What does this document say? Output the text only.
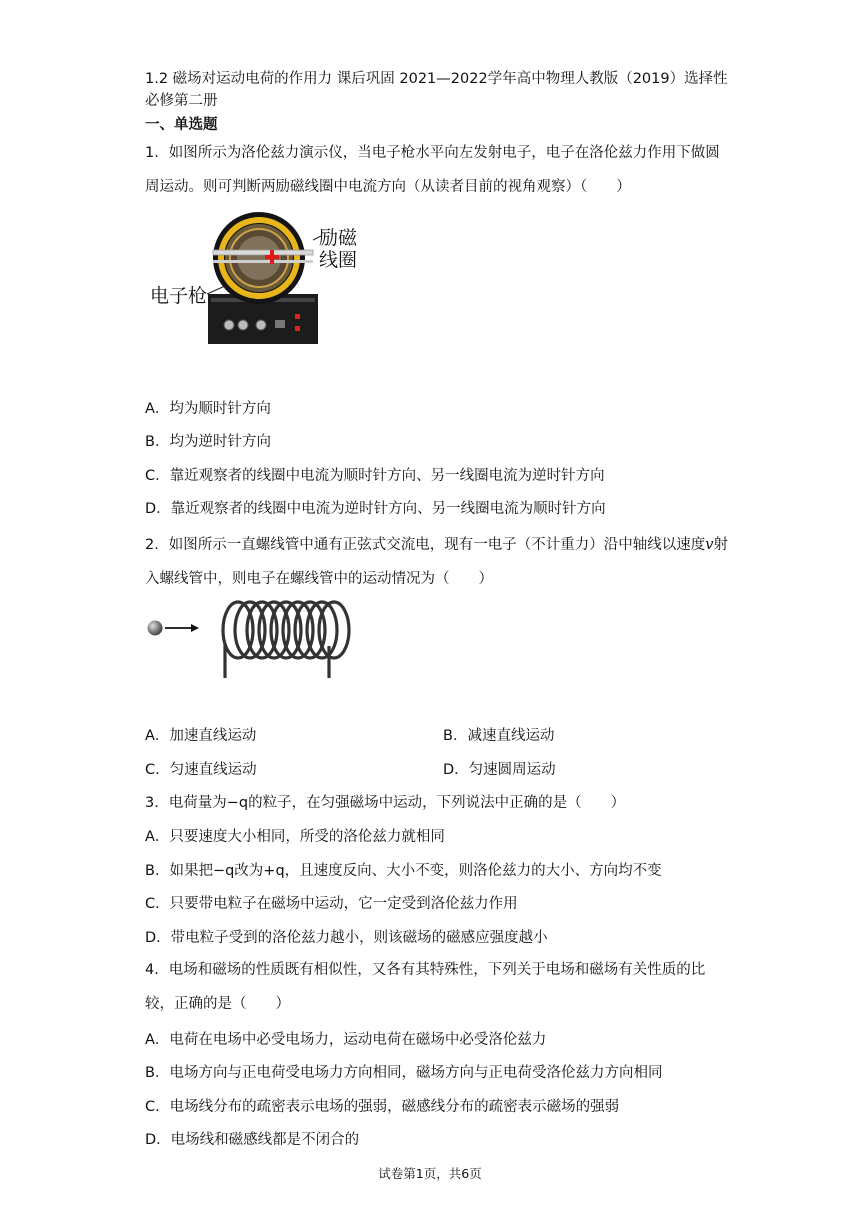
1.2 磁场对运动电荷的作用力 课后巩固 2021—2022学年高中物理人教版（2019）选择性必修第二册
一、单选题
1．如图所示为洛伦兹力演示仪，当电子枪水平向左发射电子，电子在洛伦兹力作用下做圆周运动。则可判断两励磁线圈中电流方向（从读者目前的视角观察）（　　）
励磁
线圈
电子枪
A．均为顺时针方向
B．均为逆时针方向
C．靠近观察者的线圈中电流为顺时针方向、另一线圈电流为逆时针方向
D．靠近观察者的线圈中电流为逆时针方向、另一线圈电流为顺时针方向
2．如图所示一直螺线管中通有正弦式交流电，现有一电子（不计重力）沿中轴线以速度v射入螺线管中，则电子在螺线管中的运动情况为（　　）
A．加速直线运动	B．减速直线运动
C．匀速直线运动	D．匀速圆周运动
3．电荷量为−q的粒子，在匀强磁场中运动，下列说法中正确的是（　　）
A．只要速度大小相同，所受的洛伦兹力就相同
B．如果把−q改为+q，且速度反向、大小不变，则洛伦兹力的大小、方向均不变
C．只要带电粒子在磁场中运动，它一定受到洛伦兹力作用
D．带电粒子受到的洛伦兹力越小，则该磁场的磁感应强度越小
4．电场和磁场的性质既有相似性，又各有其特殊性，下列关于电场和磁场有关性质的比较，正确的是（　　）
A．电荷在电场中必受电场力，运动电荷在磁场中必受洛伦兹力
B．电场方向与正电荷受电场力方向相同，磁场方向与正电荷受洛伦兹力方向相同
C．电场线分布的疏密表示电场的强弱，磁感线分布的疏密表示磁场的强弱
D．电场线和磁感线都是不闭合的
试卷第1页，共6页
